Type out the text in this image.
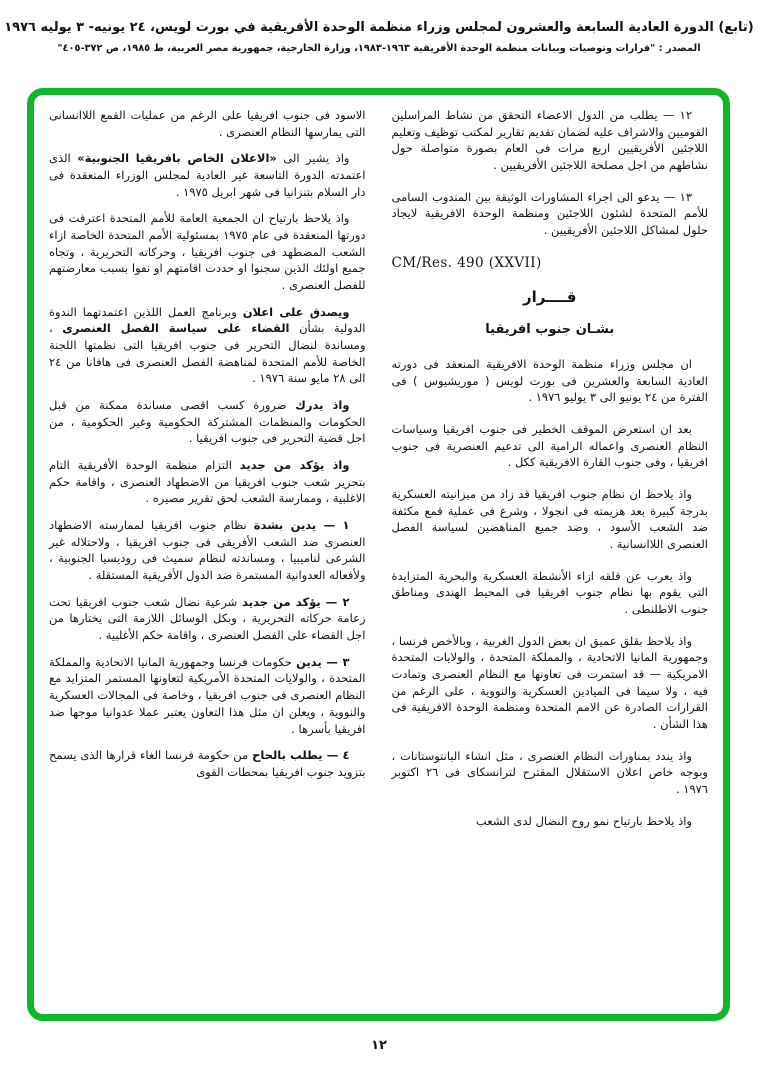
(تابع) الدورة العادية السابعة والعشرون لمجلس وزراء منظمة الوحدة الأفريقية في بورت لويس، ٢٤ يونيه- ٣ يوليه ١٩٧٦
المصدر : "قرارات وتوصيات وبيانات منظمة الوحدة الأفريقية ١٩٦٣-١٩٨٣، وزارة الخارجية، جمهورية مصر العربية، ط ١٩٨٥، ص ٣٧٢-٤٠٥"

١٢ — يطلب من الدول الاعضاء التحقق من نشاط المراسلين القوميين والاشراف عليه لضمان تقديم تقارير لمكتب توظيف وتعليم اللاجئين الأفريقيين اربع مرات فى العام بصورة متواصلة حول نشاطهم من اجل مصلحة اللاجئين الأفريقيين .

١٣ — يدعو الى اجراء المشاورات الوثيقة بين المندوب السامى للأمم المتحدة لشئون اللاجئين ومنظمة الوحدة الافريقية لايجاد حلول لمشاكل اللاجئين الأفريقيين .

CM/Res. 490 (XXVII)
قــــرار
بشـان جنوب افريقيا

ان مجلس وزراء منظمة الوحدة الافريقية المنعقد فى دورته العادية السابعة والعشرين فى بورت لويس ( موريشيوس ) فى الفترة من ٢٤ يونيو الى ٣ يوليو ١٩٧٦ .

بعد ان استعرض الموقف الخطير فى جنوب افريقيا وسياسات النظام العنصرى واعماله الرامية الى تدعيم العنصرية فى جنوب افريقيا ، وفى جنوب القارة الافريقية ككل .

واذ يلاحظ ان نظام جنوب افريقيا قد زاد من ميزانيته العسكرية بدرجة كبيرة بعد هزيمته فى انجولا ، وشرع فى عملية قمع مكثفة ضد الشعب الأسود ، وضد جميع المناهضين لسياسة الفصل العنصرى اللاانسانية .

واذ يعرب عن قلقه ازاء الأنشطة العسكرية والبحرية المتزايدة التى يقوم بها نظام جنوب افريقيا فى المحيط الهندى ومناطق جنوب الاطلنطى .

واذ يلاحظ بقلق عميق ان بعض الدول الغربية ، وبالأخص فرنسا ، وجمهورية المانيا الاتحادية ، والمملكة المتحدة ، والولايات المتحدة الامريكية — قد استمرت فى تعاونها مع النظام العنصرى وتمادت فيه ، ولا سيما فى الميادين العسكرية والنووية ، على الرغم من القرارات الصادرة عن الامم المتحدة ومنظمة الوحدة الافريقية فى هذا الشأن .

واذ يندد بمناورات النظام العنصرى ، مثل انشاء البانتوستانات ، وبوجه خاص اعلان الاستقلال المقترح لترانسكاى فى ٢٦ اكتوبر ١٩٧٦ .

واذ يلاحظ بارتياح نمو روح النضال لدى الشعب

الاسود فى جنوب افريقيا على الرغم من عمليات القمع اللاانسانى التى يمارسها النظام العنصرى .

واذ يشير الى «الاعلان الخاص بافريقيا الجنوبية» الذى اعتمدته الدورة التاسعة غير العادية لمجلس الوزراء المنعقدة فى دار السلام بتنزانيا فى شهر ابريل ١٩٧٥ .

واذ يلاحظ بارتياح ان الجمعية العامة للأمم المتحدة اعترفت فى دورتها المنعقدة فى عام ١٩٧٥ بمسئولية الأمم المتحدة الخاصة ازاء الشعب المضطهد فى جنوب افريقيا ، وحركاته التحريرية ، وتجاه جميع اولئك الذين سجنوا او حددت اقامتهم او نفوا بسبب معارضتهم للفصل العنصرى .

ويصدق على اعلان وبرنامج العمل اللذين اعتمدتهما الندوة الدولية بشأن القضاء على سياسة الفصل العنصرى ، ومساندة لنضال التحرير فى جنوب افريقيا التى نظمتها اللجنة الخاصة للأمم المتحدة لمناهضة الفصل العنصرى فى هافانا من ٢٤ الى ٢٨ مايو سنة ١٩٧٦ .

واذ يدرك ضرورة كسب اقصى مساندة ممكنة من قبل الحكومات والمنظمات المشتركة الحكومية وغير الحكومية ، من اجل قضية التحرير فى جنوب افريقيا .

واذ يؤكد من جديد التزام منظمة الوحدة الأفريقية التام بتحرير شعب جنوب افريقيا من الاضطهاد العنصرى ، واقامة حكم الاغلبية ، وممارسة الشعب لحق تقرير مصيره .

١ — يدين بشدة نظام جنوب افريقيا لممارسته الاضطهاد العنصرى ضد الشعب الأفريقى فى جنوب افريقيا ، ولاحتلاله غير الشرعى لناميبيا ، ومساندته لنظام سميث فى روديسيا الجنوبية ، ولأفعاله العدوانية المستمرة ضد الدول الأفريقية المستقلة .

٢ — يؤكد من جديد شرعية نضال شعب جنوب افريقيا تحت زعامة حركاته التحريرية ، وبكل الوسائل اللازمة التى يختارها من اجل القضاء على الفصل العنصرى ، واقامة حكم الأغلبية .

٣ — يدين حكومات فرنسا وجمهورية المانيا الاتحادية والمملكة المتحدة ، والولايات المتحدة الأمريكية لتعاونها المستمر المتزايد مع النظام العنصرى فى جنوب افريقيا ، وخاصة فى المجالات العسكرية والنووية ، ويعلن ان مثل هذا التعاون يعتبر عملا عدوانيا موجها ضد افريقيا بأسرها .

٤ — يطلب بالحاح من حكومة فرنسا الغاء قرارها الذى يسمح بتزويد جنوب افريقيا بمحطات القوى

١٢
